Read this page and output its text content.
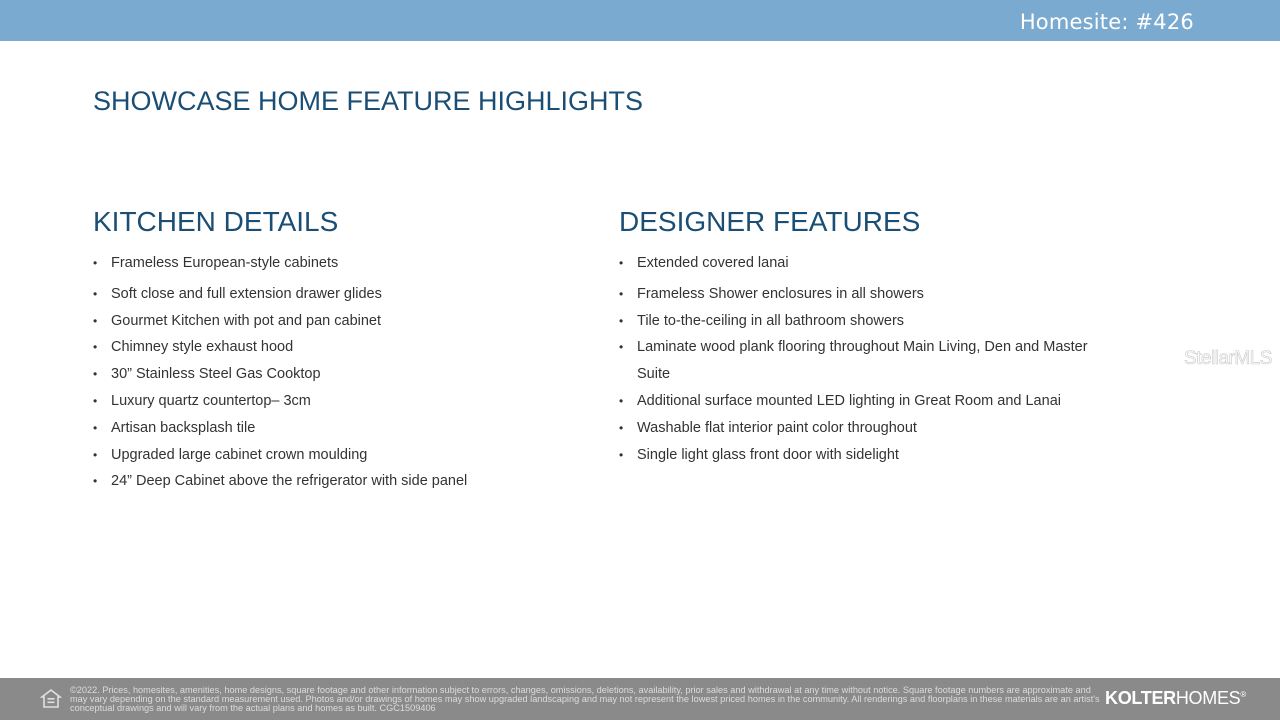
Homesite: #426
SHOWCASE HOME FEATURE HIGHLIGHTS
KITCHEN DETAILS
• Frameless European-style cabinets
• Soft close and full extension drawer glides
• Gourmet Kitchen with pot and pan cabinet
• Chimney style exhaust hood
• 30” Stainless Steel Gas Cooktop
• Luxury quartz countertop– 3cm
• Artisan backsplash tile
• Upgraded large cabinet crown moulding
• 24” Deep Cabinet above the refrigerator with side panel
DESIGNER FEATURES
• Extended covered lanai
• Frameless Shower enclosures in all showers
• Tile to-the-ceiling in all bathroom showers
• Laminate wood plank flooring throughout Main Living, Den and Master Suite
• Additional surface mounted LED lighting in Great Room and Lanai
• Washable flat interior paint color throughout
• Single light glass front door with sidelight
StellarMLS
©2022. Prices, homesites, amenities, home designs, square footage and other information subject to errors, changes, omissions, deletions, availability, prior sales and withdrawal at any time without notice. Square footage numbers are approximate and may vary depending on the standard measurement used. Photos and/or drawings of homes may show upgraded landscaping and may not represent the lowest priced homes in the community. All renderings and floorplans in these materials are an artist's conceptual drawings and will vary from the actual plans and homes as built. CGC1509406	KOLTERHOMES®
